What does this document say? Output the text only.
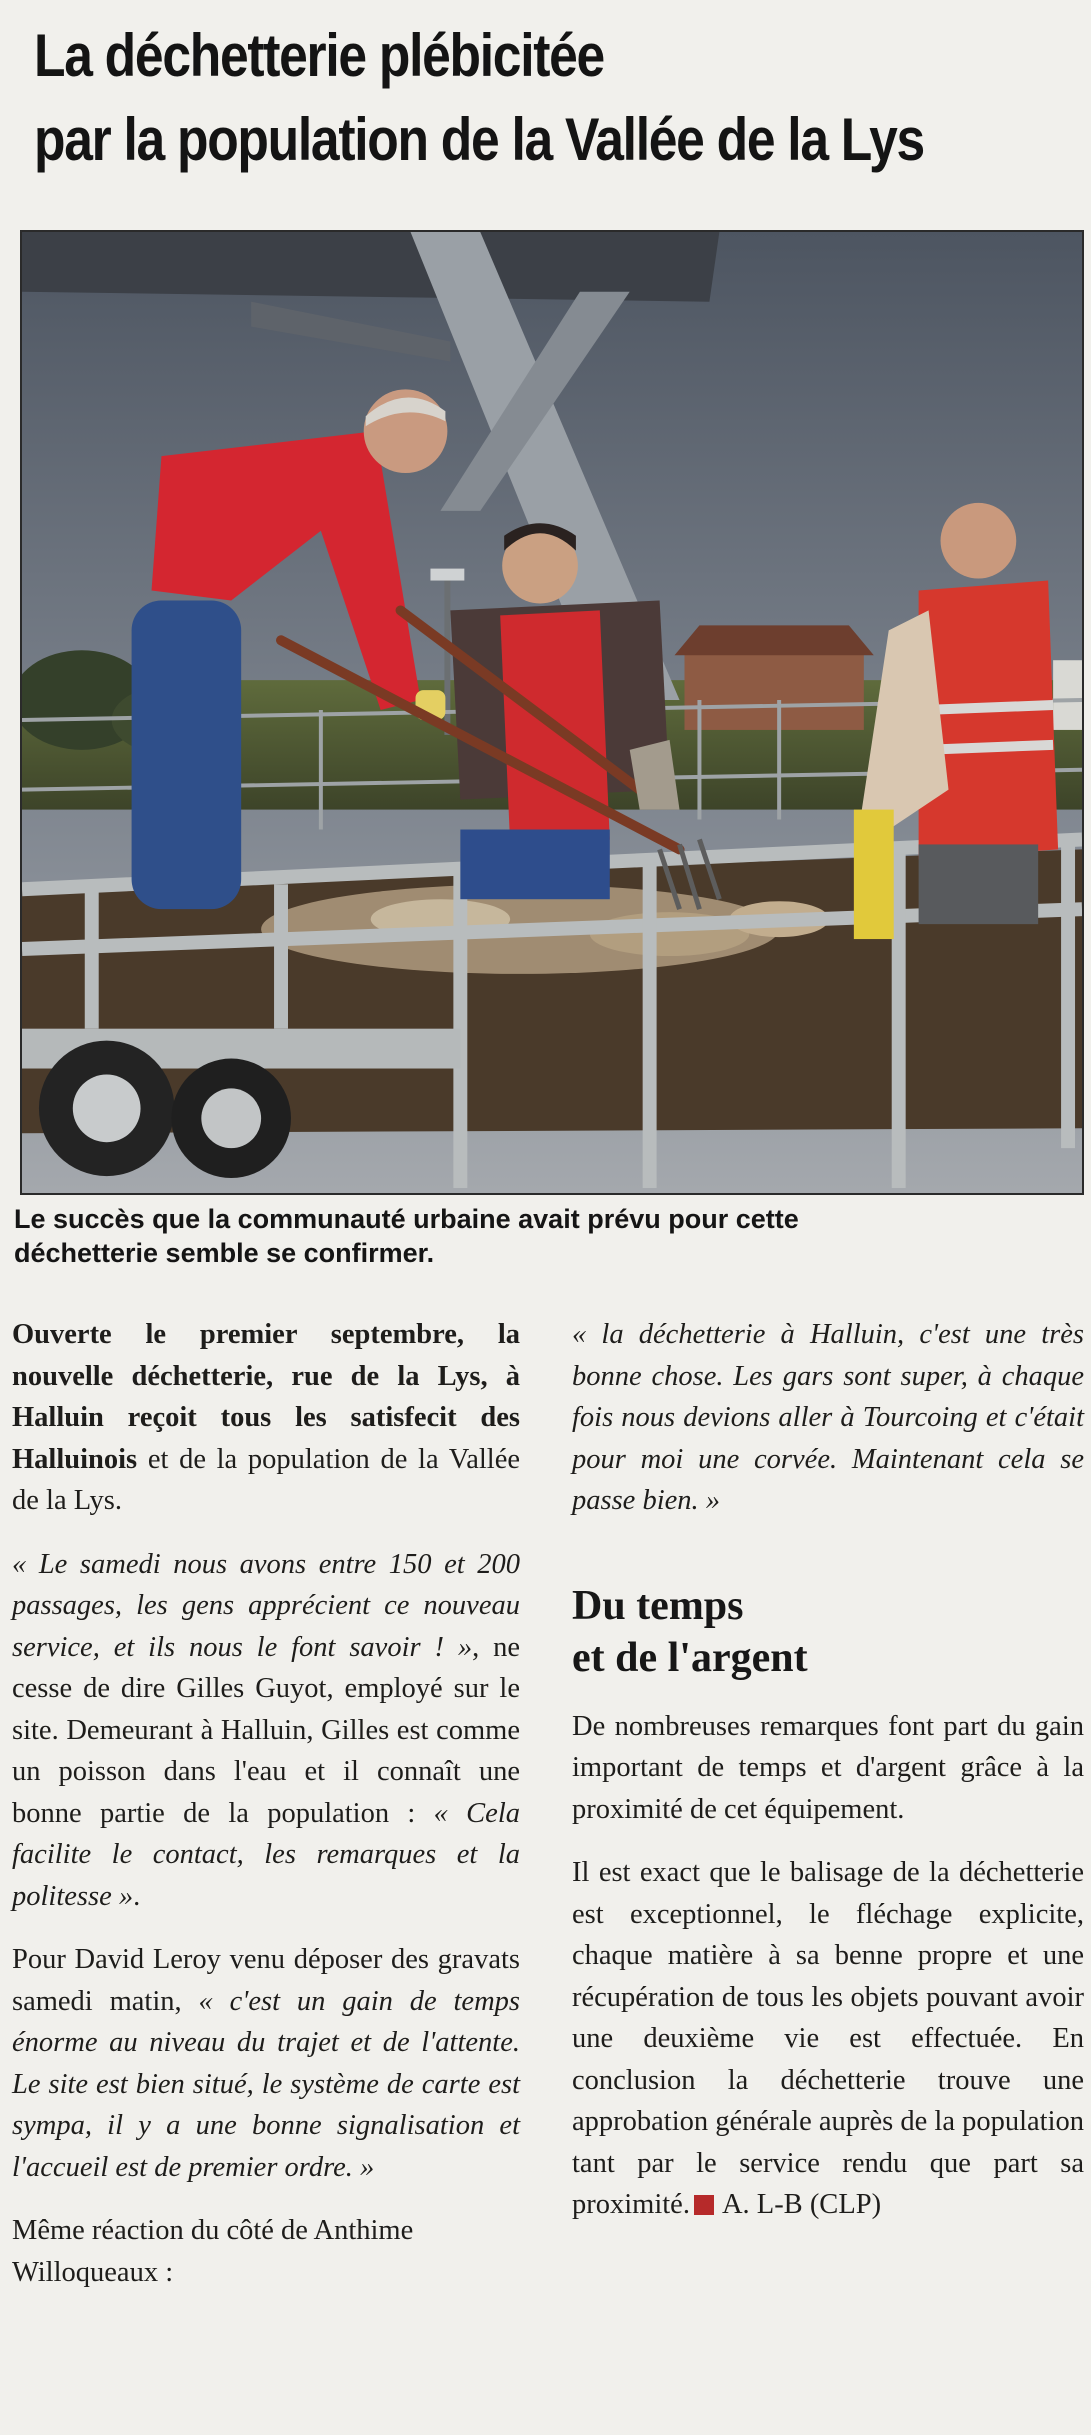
La déchetterie plébicitée
par la population de la Vallée de la Lys
Le succès que la communauté urbaine avait prévu pour cette
déchetterie semble se confirmer.

Ouverte le premier septembre, la nouvelle déchetterie, rue de la Lys, à Halluin reçoit tous les satisfecit des Halluinois et de la population de la Vallée de la Lys.

« Le samedi nous avons entre 150 et 200 passages, les gens apprécient ce nouveau service, et ils nous le font savoir ! », ne cesse de dire Gilles Guyot, employé sur le site. Demeurant à Halluin, Gilles est comme un poisson dans l'eau et il connaît une bonne partie de la population : « Cela facilite le contact, les remarques et la politesse ».

Pour David Leroy venu déposer des gravats samedi matin, « c'est un gain de temps énorme au niveau du trajet et de l'attente. Le site est bien situé, le système de carte est sympa, il y a une bonne signalisation et l'accueil est de premier ordre. »

Même réaction du côté de Anthime Willoqueaux :

« la déchetterie à Halluin, c'est une très bonne chose. Les gars sont super, à chaque fois nous devions aller à Tourcoing et c'était pour moi une corvée. Maintenant cela se passe bien. »

Du temps
et de l'argent

De nombreuses remarques font part du gain important de temps et d'argent grâce à la proximité de cet équipement.

Il est exact que le balisage de la déchetterie est exceptionnel, le fléchage explicite, chaque matière à sa benne propre et une récupération de tous les objets pouvant avoir une deuxième vie est effectuée. En conclusion la déchetterie trouve une approbation générale auprès de la population tant par le service rendu que part sa proximité. A. L-B (CLP)
